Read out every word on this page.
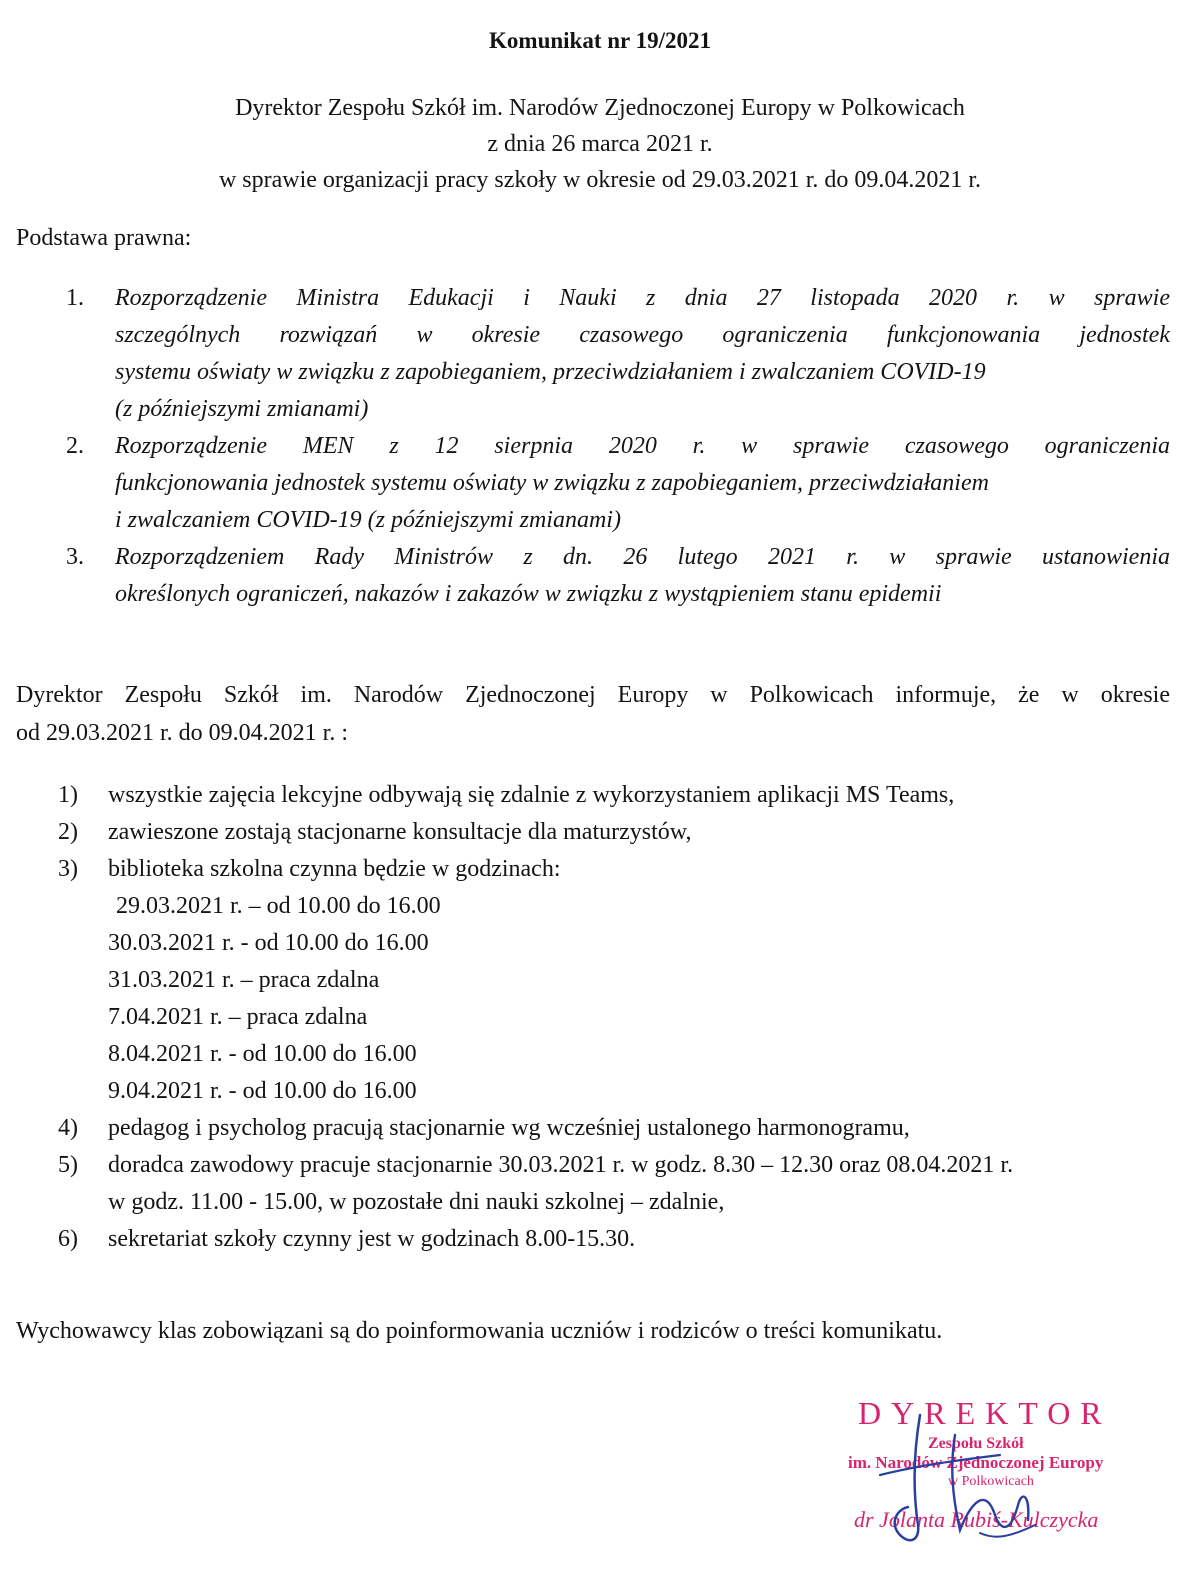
Komunikat nr 19/2021
Dyrektor Zespołu Szkół im. Narodów Zjednoczonej Europy w Polkowicach
z dnia 26 marca 2021 r.
w sprawie organizacji pracy szkoły w okresie od 29.03.2021 r. do 09.04.2021 r.
Podstawa prawna:
1. Rozporządzenie Ministra Edukacji i Nauki z dnia 27 listopada 2020 r. w sprawie
szczególnych rozwiązań w okresie czasowego ograniczenia funkcjonowania jednostek
systemu oświaty w związku z zapobieganiem, przeciwdziałaniem i zwalczaniem COVID-19
(z późniejszymi zmianami)
2. Rozporządzenie MEN z 12 sierpnia 2020 r. w sprawie czasowego ograniczenia
funkcjonowania jednostek systemu oświaty w związku z zapobieganiem, przeciwdziałaniem
i zwalczaniem COVID-19 (z późniejszymi zmianami)
3. Rozporządzeniem Rady Ministrów z dn. 26 lutego 2021 r. w sprawie ustanowienia
określonych ograniczeń, nakazów i zakazów w związku z wystąpieniem stanu epidemii
Dyrektor Zespołu Szkół im. Narodów Zjednoczonej Europy w Polkowicach informuje, że w okresie
od 29.03.2021 r. do 09.04.2021 r. :
1) wszystkie zajęcia lekcyjne odbywają się zdalnie z wykorzystaniem aplikacji MS Teams,
2) zawieszone zostają stacjonarne konsultacje dla maturzystów,
3) biblioteka szkolna czynna będzie w godzinach:
29.03.2021 r. – od 10.00 do 16.00
30.03.2021 r. - od 10.00 do 16.00
31.03.2021 r. – praca zdalna
7.04.2021 r. – praca zdalna
8.04.2021 r. - od 10.00 do 16.00
9.04.2021 r. - od 10.00 do 16.00
4) pedagog i psycholog pracują stacjonarnie wg wcześniej ustalonego harmonogramu,
5) doradca zawodowy pracuje stacjonarnie 30.03.2021 r. w godz. 8.30 – 12.30 oraz 08.04.2021 r.
w godz. 11.00 - 15.00, w pozostałe dni nauki szkolnej – zdalnie,
6) sekretariat szkoły czynny jest w godzinach 8.00-15.30.
Wychowawcy klas zobowiązani są do poinformowania uczniów i rodziców o treści komunikatu.
DYREKTOR
Zespołu Szkół
im. Narodów Zjednoczonej Europy
w Polkowicach
dr Jolanta Rubiś-Kulczycka
